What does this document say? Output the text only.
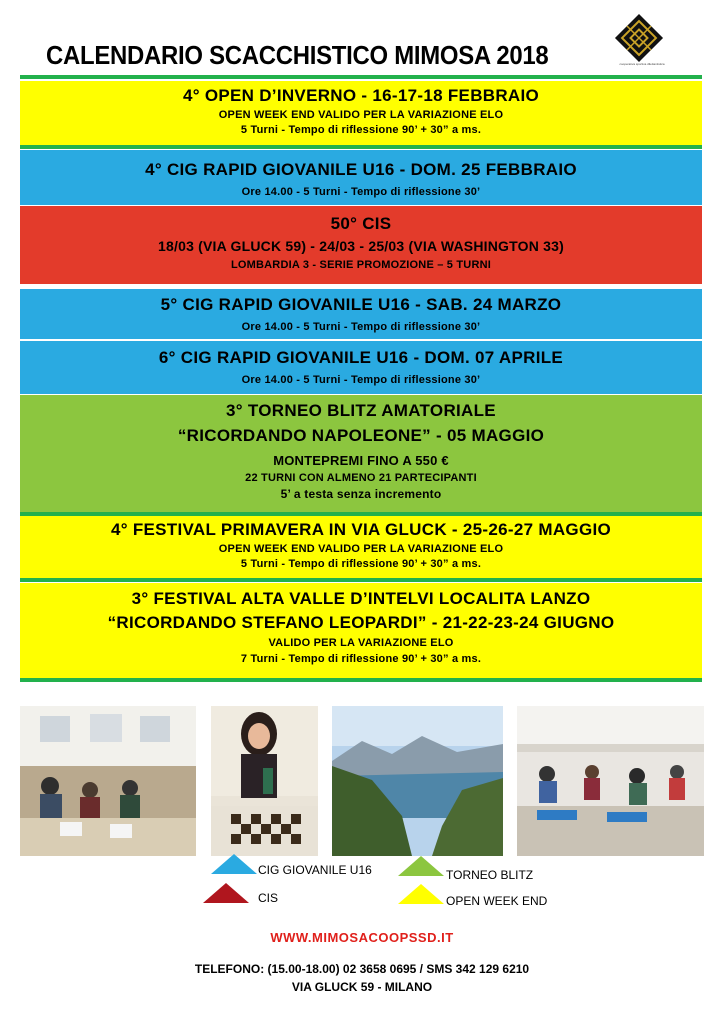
CALENDARIO SCACCHISTICO MIMOSA 2018	cooperativa sportiva dilettantistica
4° OPEN D’INVERNO - 16-17-18 FEBBRAIO
OPEN WEEK END VALIDO PER LA VARIAZIONE ELO
5 Turni - Tempo di riflessione 90’ + 30” a ms.
4° CIG RAPID GIOVANILE U16 - DOM. 25 FEBBRAIO
Ore 14.00 - 5 Turni - Tempo di riflessione 30’
50° CIS
18/03 (VIA GLUCK 59) - 24/03 - 25/03 (VIA WASHINGTON 33)
LOMBARDIA 3 - SERIE PROMOZIONE – 5 TURNI
5° CIG RAPID GIOVANILE U16 - SAB. 24 MARZO
Ore 14.00 - 5 Turni - Tempo di riflessione 30’
6° CIG RAPID GIOVANILE U16 - DOM. 07 APRILE
Ore 14.00 - 5 Turni - Tempo di riflessione 30’
3° TORNEO BLITZ AMATORIALE
“RICORDANDO NAPOLEONE” - 05 MAGGIO
MONTEPREMI FINO A 550 €
22 TURNI CON ALMENO 21 PARTECIPANTI
5’ a testa senza incremento
4° FESTIVAL PRIMAVERA IN VIA GLUCK - 25-26-27 MAGGIO
OPEN WEEK END VALIDO PER LA VARIAZIONE ELO
5 Turni - Tempo di riflessione 90’ + 30” a ms.
3° FESTIVAL ALTA VALLE D’INTELVI LOCALITA LANZO
“RICORDANDO STEFANO LEOPARDI” - 21-22-23-24 GIUGNO
VALIDO PER LA VARIAZIONE ELO
7 Turni - Tempo di riflessione 90’ + 30” a ms.
CIG GIOVANILE U16	TORNEO BLITZ
CIS	OPEN WEEK END
WWW.MIMOSACOOPSSD.IT
TELEFONO: (15.00-18.00) 02 3658 0695 / SMS 342 129 6210
VIA GLUCK 59 - MILANO
